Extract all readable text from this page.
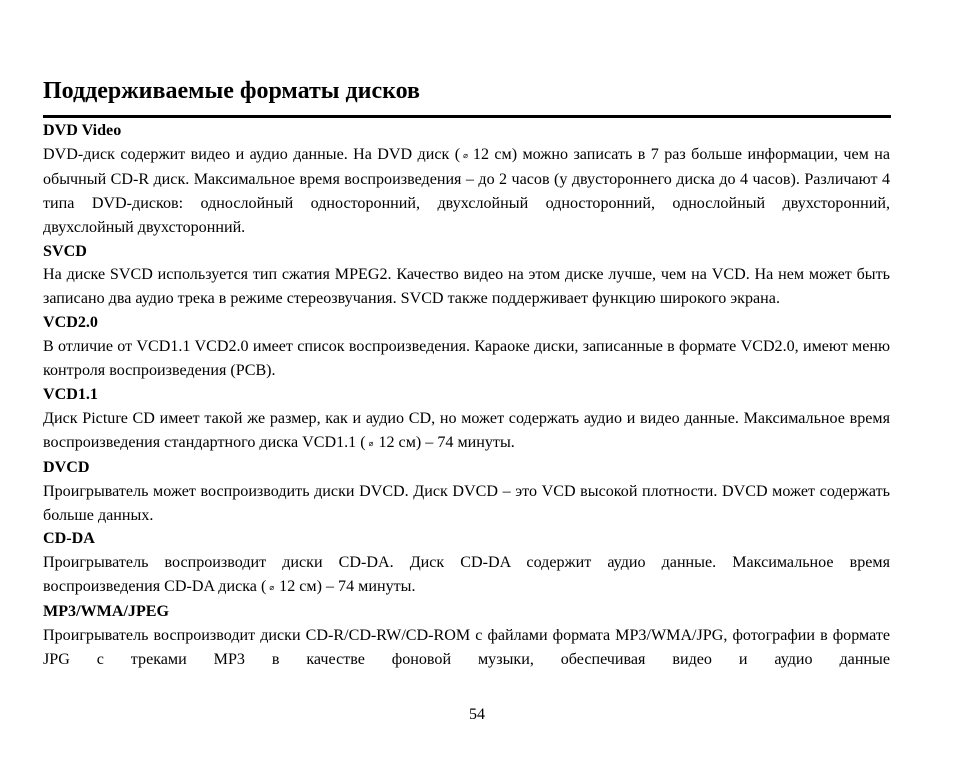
Поддерживаемые форматы дисков

DVD Video

DVD-диск содержит видео и аудио данные. На DVD диск ( ⌀ 12 см) можно записать в 7 раз больше информации, чем на обычный CD-R диск. Максимальное время воспроизведения – до 2 часов (у двустороннего диска до 4 часов). Различают 4 типа DVD-дисков: однослойный односторонний, двухслойный односторонний, однослойный двухсторонний, двухслойный двухсторонний.

SVCD

На диске SVCD используется тип сжатия MPEG2. Качество видео на этом диске лучше, чем на VCD. На нем может быть записано два аудио трека в режиме стереозвучания. SVCD также поддерживает функцию широкого экрана.

VCD2.0

В отличие от VCD1.1 VCD2.0 имеет список воспроизведения. Караоке диски, записанные в формате VCD2.0, имеют меню контроля воспроизведения (PCB).

VCD1.1

Диск Picture CD имеет такой же размер, как и аудио CD, но может содержать аудио и видео данные. Максимальное время воспроизведения стандартного диска VCD1.1 ( ⌀ 12 см) – 74 минуты.

DVCD

Проигрыватель может воспроизводить диски DVCD. Диск DVCD – это VCD высокой плотности. DVCD может содержать больше данных.

CD-DA

Проигрыватель воспроизводит диски CD-DA. Диск CD-DA содержит аудио данные. Максимальное время воспроизведения CD-DA диска ( ⌀ 12 см) – 74 минуты.

MP3/WMA/JPEG

Проигрыватель воспроизводит диски CD-R/CD-RW/CD-ROM с файлами формата MP3/WMA/JPG, фотографии в формате JPG с треками MP3 в качестве фоновой музыки, обеспечивая видео и аудио данные

54
